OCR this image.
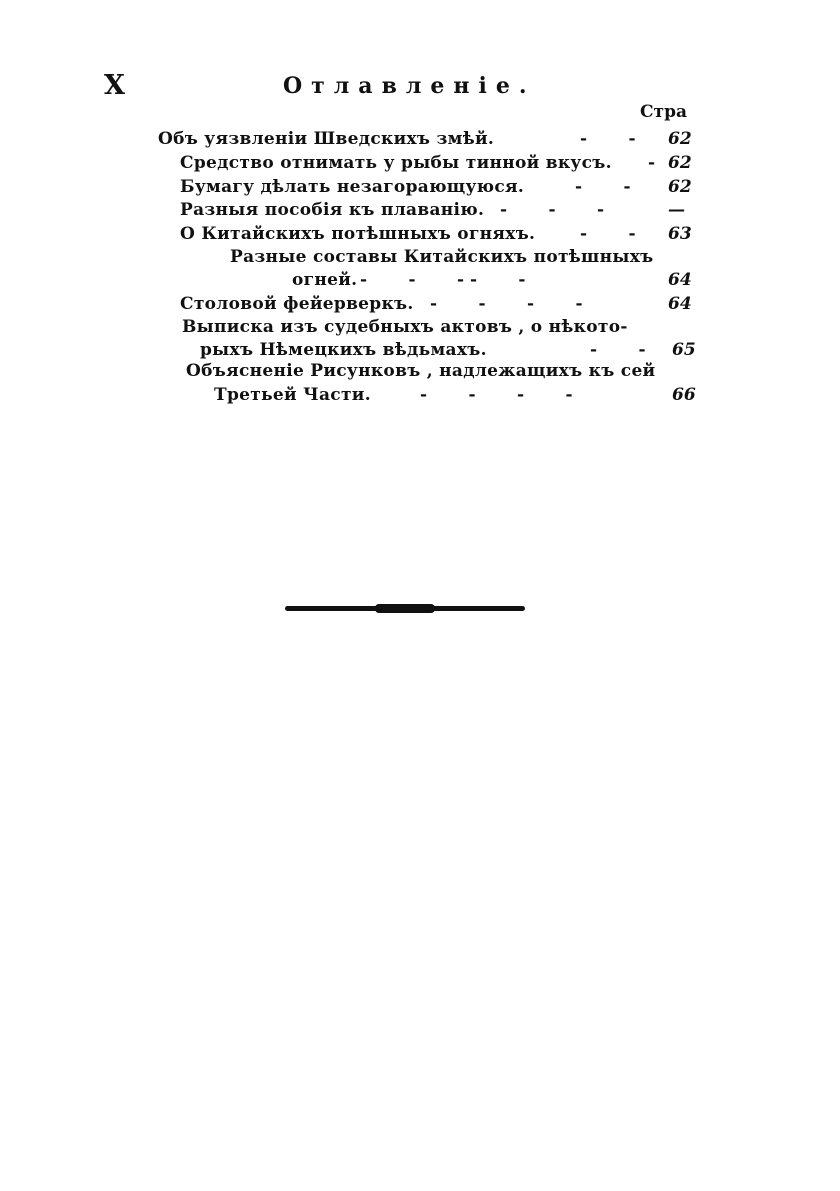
X	Отлавленiе.
Стра
Объ уязвленiи Шведскихъ змѣй.	-       - 62
Средство отнимать у рыбы тинной вкусъ. - 62
Бумагу дѣлать незагорающуюся.	-       - 62
Разныя пособiя къ плаванiю. -       -       -	—
О Китайскихъ потѣшныхъ огняхъ.	-       - 63
Разные составы Китайскихъ потѣшныхъ
огней. -       -       - -       -	64
Столовой фейерверкъ. -       -       -       -	64
Выписка изъ судебныхъ актовъ , о нѣкото-
рыхъ Нѣмецкихъ вѣдьмахъ.	-       - 65
Объясненiе Рисунковъ , надлежащихъ къ сей
Третьей Части.	-       -       -       -	66
